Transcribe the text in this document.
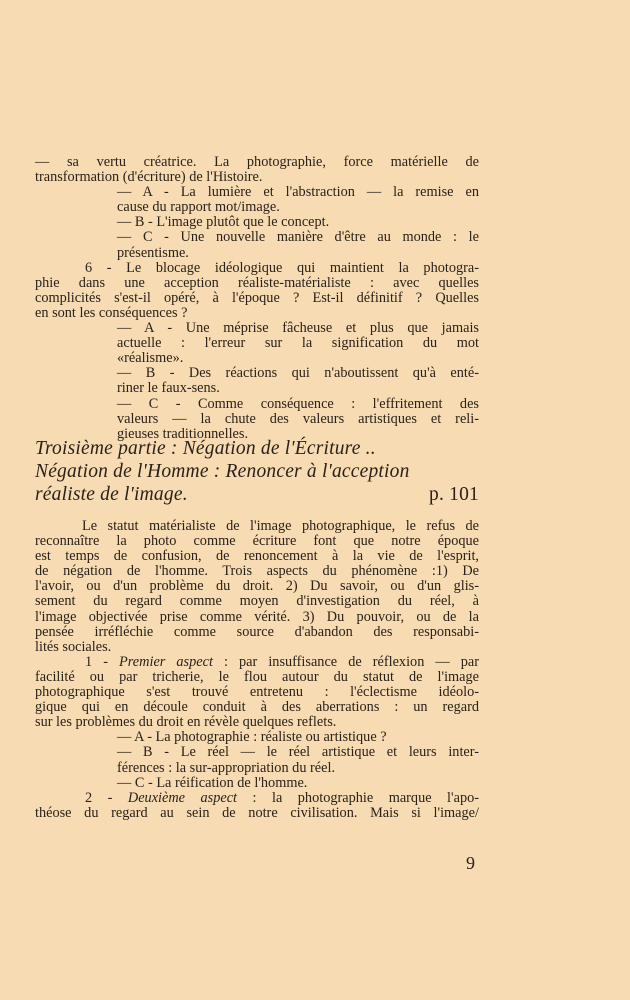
— sa vertu créatrice. La photographie, force matérielle de
transformation (d'écriture) de l'Histoire.
— A - La lumière et l'abstraction — la remise en
cause du rapport mot/image.
— B - L'image plutôt que le concept.
— C - Une nouvelle manière d'être au monde : le
présentisme.
6 - Le blocage idéologique qui maintient la photogra-
phie dans une acception réaliste-matérialiste : avec quelles
complicités s'est-il opéré, à l'époque ? Est-il définitif ? Quelles
en sont les conséquences ?
— A - Une méprise fâcheuse et plus que jamais
actuelle : l'erreur sur la signification du mot
«réalisme».
— B - Des réactions qui n'aboutissent qu'à enté-
riner le faux-sens.
— C - Comme conséquence : l'effritement des
valeurs — la chute des valeurs artistiques et reli-
gieuses traditionnelles.
Troisième partie : Négation de l'Écriture ..
Négation de l'Homme : Renoncer à l'acception
réaliste de l'image.	p. 101
Le statut matérialiste de l'image photographique, le refus de
reconnaître la photo comme écriture font que notre époque
est temps de confusion, de renoncement à la vie de l'esprit,
de négation de l'homme. Trois aspects du phénomène :1) De
l'avoir, ou d'un problème du droit. 2) Du savoir, ou d'un glis-
sement du regard comme moyen d'investigation du réel, à
l'image objectivée prise comme vérité. 3) Du pouvoir, ou de la
pensée irréfléchie comme source d'abandon des responsabi-
lités sociales.
1 - Premier aspect : par insuffisance de réflexion — par
facilité ou par tricherie, le flou autour du statut de l'image
photographique s'est trouvé entretenu : l'éclectisme idéolo-
gique qui en découle conduit à des aberrations : un regard
sur les problèmes du droit en révèle quelques reflets.
— A - La photographie : réaliste ou artistique ?
— B - Le réel — le réel artistique et leurs inter-
férences : la sur-appropriation du réel.
— C - La réification de l'homme.
2 - Deuxième aspect : la photographie marque l'apo-
théose du regard au sein de notre civilisation. Mais si l'image/
9
